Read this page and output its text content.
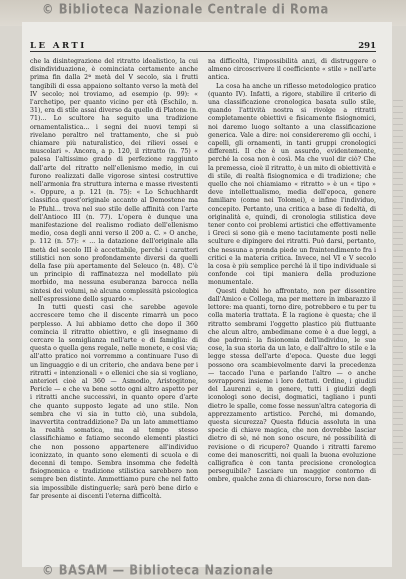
© Biblioteca Nazionale Centrale di Roma
LE ARTI	291

che la disintegrazione del ritratto idealistico, la cui disindividuazione, è cominciata certamente anche prima fin dalla 2ª metà del V secolo, sia i frutti tangibili di essa appaiono soltanto verso la metà del IV secolo; noi troviamo, ad esempio (p. 99): « l'archetipo, per quanto vicino per età (Eschilo, n. 31), era di stile assai diverso da quello di Platone (n. 71)... Lo scultore ha seguito una tradizione ornamentalistica... i segni dei nuovi tempi si rivelano peraltro nel trattamento, che si può chiamare più naturalistico, dei rilievi ossei e muscolari ». Ancora, a p. 120, il ritratto (n. 75) « palesa l'altissimo grado di perfezione raggiunto dall'arte del ritratto nell'ellenismo medio, in cui furono realizzati dalle vigorose sintesi costruttive nell'armonia fra struttura interna e masse rivestenti ». Oppure, a p. 121 (n. 75): « Lo Schuchhardt classifica quest'originale accanto al Demostene ma le Pfuhl... trova nel suo stile delle affinità con l'arte dell'Antioco III (n. 77). L'opera è dunque una manifestazione del realismo rodiato dell'ellenismo medio, cosa degli anni verso il 200 a. C. » O anche, p. 112 (n. 57): « ... la datazione dell'originale alla metà del secolo III è accettabile, perché i caratteri stilistici non sono profondamente diversi da quelli della fase più apertamente del Seleuco (n. 48). C'è un principio di raffinatezza nel modellato più morbido, ma nessuna esuberanza barocca nella sintesi dei volumi, nè alcuna complessità psicologica nell'espressione dello sguardo ».

In tutti questi casi che sarebbe agevole accrescere temo che il discente rimarrà un poco perplesso. A lui abbiamo detto che dopo il 360 comincia il ritratto obiettivo, e gli insegnamo di cercare la somiglianza nell'arte e di famiglia: di questa o quella gens regale, nelle monete, e così via; all'atto pratico noi vorremmo a continuare l'uso di un linguaggio e di un criterio, che andava bene per i ritratti « intenzionali » o ellenici che sia si vogliano, anteriori cioè al 360 — Asmodio, Aristogitone, Pericle — e che va bene sotto ogni altro aspetto per i ritratti anche successivi, in quanto opere d'arte che quanto supposto legate ad uno stile. Non sembra che vi sia in tutto ciò, una subdola, inavvertita contraddizione? Da un lato ammettiamo la realtà somatica, ma al tempo stesso classifichiamo e fatiamo secondo elementi plastici che non possono appartenere all'individuo iconizzato, in quanto sono elementi di scuola e di decenni di tempo. Sembra insomma che fedeltà fisiognomica e tradizione stilistica sarebbero non sempre ben distinte. Ammettiamo pure che nel fatto sia impossibile distinguerle; sarà però bene dirlo e far presente ai discenti l'eterna difficoltà.

na difficoltà, l'impossibilità anzi, di distruggere o almeno circoscrivere il coefficiente « stile » nell'arte antica.

La cosa ha anche un riflesso metodologico pratico (quanto IV). Infatti, a rigore, stabilire il criterio di una classificazione cronologica basata sullo stile, quando l'attività nostra si rivolge a ritratti completamente obiettivi e fisicamente fisiognomici, noi daremo luogo soltanto a una classificazione generica. Vale a dire: noi considereremo gli occhi, i capelli, gli ornamenti, in tanti gruppi cronologici differenti. Il che è un assurdo, evidentemente, perché la cosa non è così. Ma che vuol dir ciò? Che la premessa, cioè il ritratto, è un mito di obiettività e di stile, di realtà fisiognomica e di tradizione; che quello che noi chiamiamo « ritratto » è un « tipo » deve intellettualismo, media dell'epoca, genere familiare (come nei Tolomei), e infine l'individuo, concepito. Pertanto, una critica a base di fedeltà, di originalità e, quindi, di cronologia stilistica deve tener conto coi problemi artistici che effettivamente i Greci si sono già e meno taciutamente posti nelle sculture e dipingere dei ritratti. Può darsi, pertanto, che nessuna a prenda piede un fraintendimento fra i critici e la materia critica. Invece, nel VI e V secolo la cosa è più semplice perché là il tipo individuale si confonde coi tipi maniera della produzione monumentale.

Questi dubbi ho affrontato, non per dissentire dall'Amico e Collega, ma per mettere in imbarazzo il lettore: ma quanti, torno dire, potrebbero e tu per tu colla materia trattata. È la ragione è questa; che il ritratto sembrami l'oggetto plastico più fluttuante che alcun altro, ambedimane come è a due leggi, a due padroni: la fisionomia dell'individuo, le sue cose, la sua storia da un lato, e dall'altro lo stile e la legge stessa dell'arte d'epoca. Queste due leggi possono ora scambievolmente darvi la precedenza — taccado l'una e parlando l'altro — o anche sovrapporsi insieme i loro dettati. Ordine, i giudizi del Laurenzi e, in genere, tutti i giudizi degli iconologi sono decisi, dogmatici, tagliano i punti dietro le spalle, come fosse nessun'altra categoria di apprezzamento artistico. Perché, mi domando, questa sicurezza? Questa fiducia assoluta in una specie di chiave magica, che non dovrebbe lasciar dietro di sè, né non sono oscure, né possibilità di revisione o di ricupero? Quando i ritratti faremo come dei manoscritti, noi quali la buona evoluzione calligrafica è con tanta precisione cronologica perseguibile? Lasciare un maggior contorno di ombre, qualche zona di chiaroscuro, forse non dan-

© BASAM — Biblioteca Nazionale
